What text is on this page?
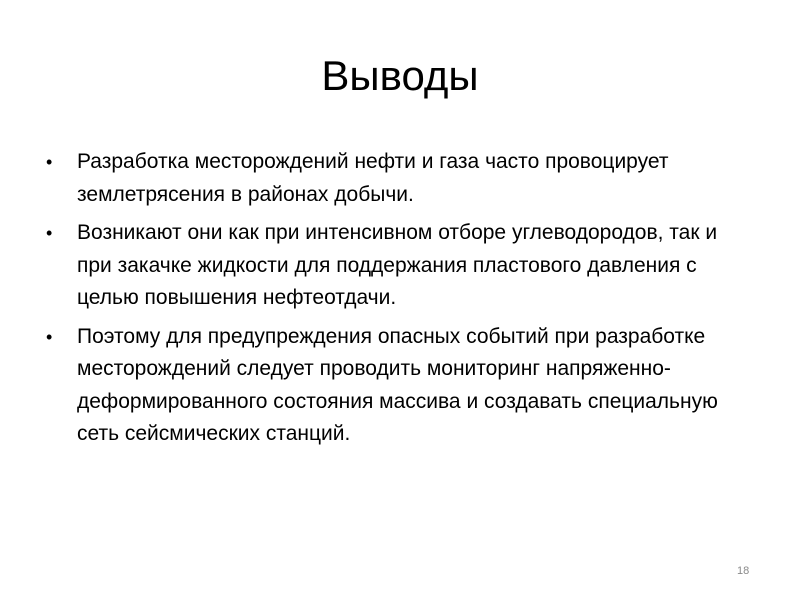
Выводы
• Разработка месторождений нефти и газа часто провоцирует землетрясения в районах добычи.
• Возникают они как при интенсивном отборе углеводородов, так и при закачке жидкости для поддержания пластового давления с целью повышения нефтеотдачи.
• Поэтому для предупреждения опасных событий при разработке месторождений следует проводить мониторинг напряженно-деформированного состояния массива и создавать специальную сеть сейсмических станций.
18
